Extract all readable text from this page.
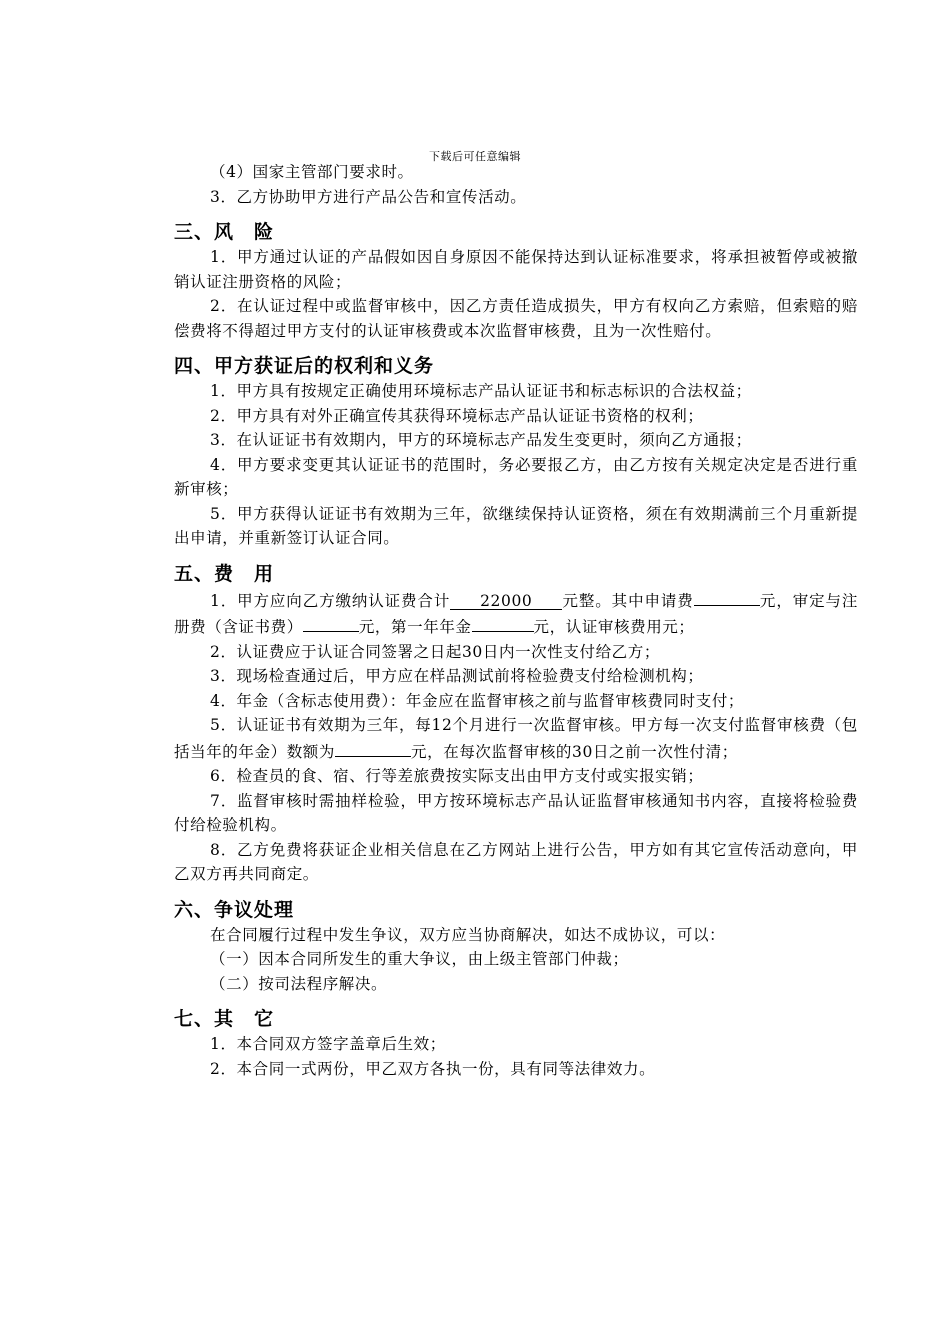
下载后可任意编辑

（4）国家主管部门要求时。

3．乙方协助甲方进行产品公告和宣传活动。

三、风　险

1．甲方通过认证的产品假如因自身原因不能保持达到认证标准要求，将承担被暂停或被撤销认证注册资格的风险；

2．在认证过程中或监督审核中，因乙方责任造成损失，甲方有权向乙方索赔，但索赔的赔偿费将不得超过甲方支付的认证审核费或本次监督审核费，且为一次性赔付。

四、甲方获证后的权利和义务

1．甲方具有按规定正确使用环境标志产品认证证书和标志标识的合法权益；

2．甲方具有对外正确宣传其获得环境标志产品认证证书资格的权利；

3．在认证证书有效期内，甲方的环境标志产品发生变更时，须向乙方通报；

4．甲方要求变更其认证证书的范围时，务必要报乙方，由乙方按有关规定决定是否进行重新审核；

5．甲方获得认证证书有效期为三年，欲继续保持认证资格，须在有效期满前三个月重新提出申请，并重新签订认证合同。

五、费　用

1．甲方应向乙方缴纳认证费合计 22000 元整。其中申请费	元，审定与注册费（含证书费）	元，第一年年金	元，认证审核费用元；

2．认证费应于认证合同签署之日起30日内一次性支付给乙方；

3．现场检查通过后，甲方应在样品测试前将检验费支付给检测机构；

4．年金（含标志使用费）：年金应在监督审核之前与监督审核费同时支付；

5．认证证书有效期为三年，每12个月进行一次监督审核。甲方每一次支付监督审核费（包括当年的年金）数额为	元，在每次监督审核的30日之前一次性付清；

6．检查员的食、宿、行等差旅费按实际支出由甲方支付或实报实销；

7．监督审核时需抽样检验，甲方按环境标志产品认证监督审核通知书内容，直接将检验费付给检验机构。

8．乙方免费将获证企业相关信息在乙方网站上进行公告，甲方如有其它宣传活动意向，甲乙双方再共同商定。

六、争议处理

在合同履行过程中发生争议，双方应当协商解决，如达不成协议，可以：

（一）因本合同所发生的重大争议，由上级主管部门仲裁；

（二）按司法程序解决。

七、其　它

1．本合同双方签字盖章后生效；

2．本合同一式两份，甲乙双方各执一份，具有同等法律效力。
